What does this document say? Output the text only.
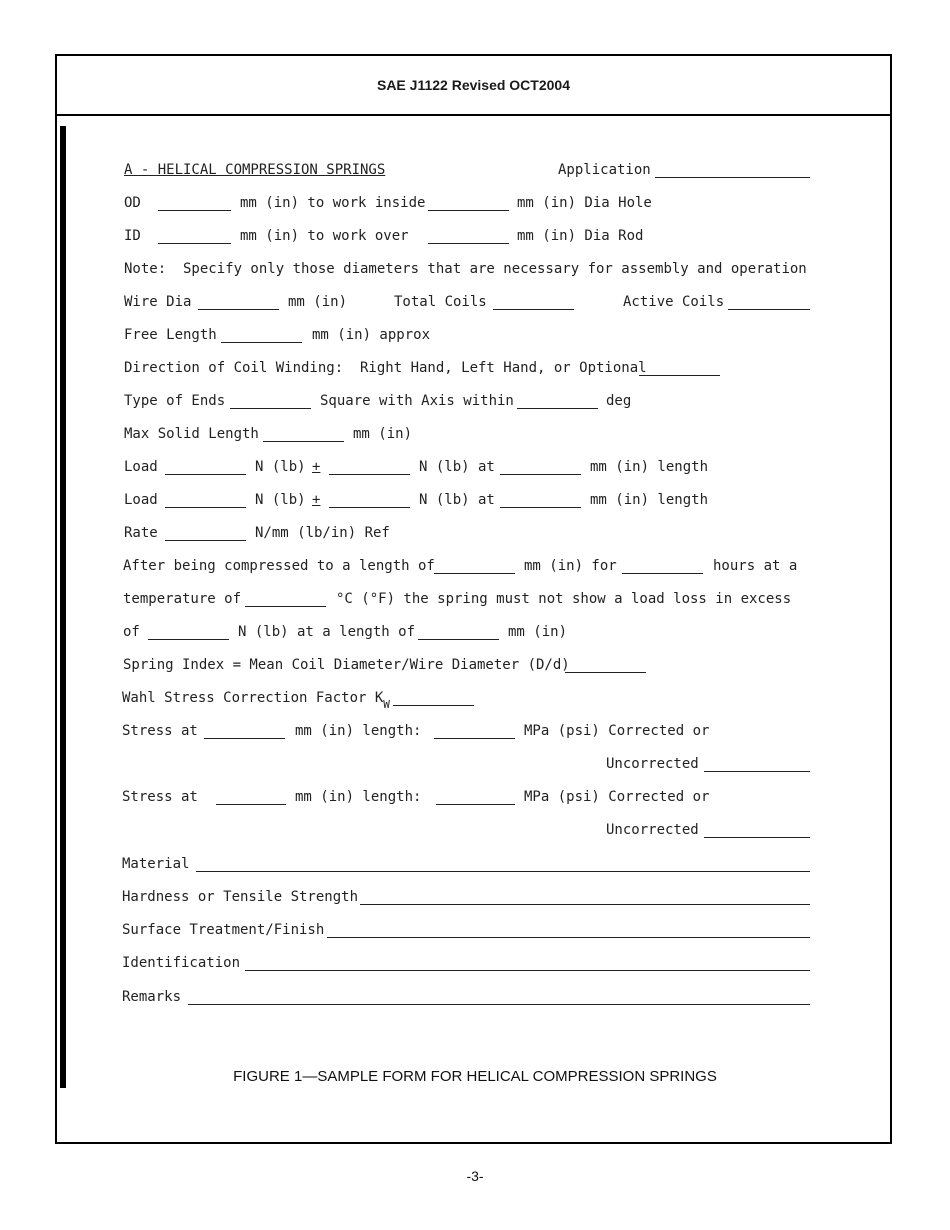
SAE J1122 Revised OCT2004
A - HELICAL COMPRESSION SPRINGS	Application
OD	mm (in) to work inside	mm (in) Dia Hole
ID	mm (in) to work over	mm (in) Dia Rod
Note:  Specify only those diameters that are necessary for assembly and operation
Wire Dia	mm (in)	Total Coils	Active Coils
Free Length	mm (in) approx
Direction of Coil Winding:  Right Hand, Left Hand, or Optional
Type of Ends	Square with Axis within	deg
Max Solid Length	mm (in)
Load	N (lb) +	N (lb) at	mm (in) length
Load	N (lb) +	N (lb) at	mm (in) length
Rate	N/mm (lb/in) Ref
After being compressed to a length of	mm (in) for	hours at a
temperature of	°C (°F) the spring must not show a load loss in excess
of	N (lb) at a length of	mm (in)
Spring Index = Mean Coil Diameter/Wire Diameter (D/d)
Wahl Stress Correction Factor $K_W$
Stress at	mm (in) length:	MPa (psi) Corrected or
Uncorrected
Stress at	mm (in) length:	MPa (psi) Corrected or
Uncorrected
Material
Hardness or Tensile Strength
Surface Treatment/Finish
Identification
Remarks
FIGURE 1—SAMPLE FORM FOR HELICAL COMPRESSION SPRINGS
-3-
